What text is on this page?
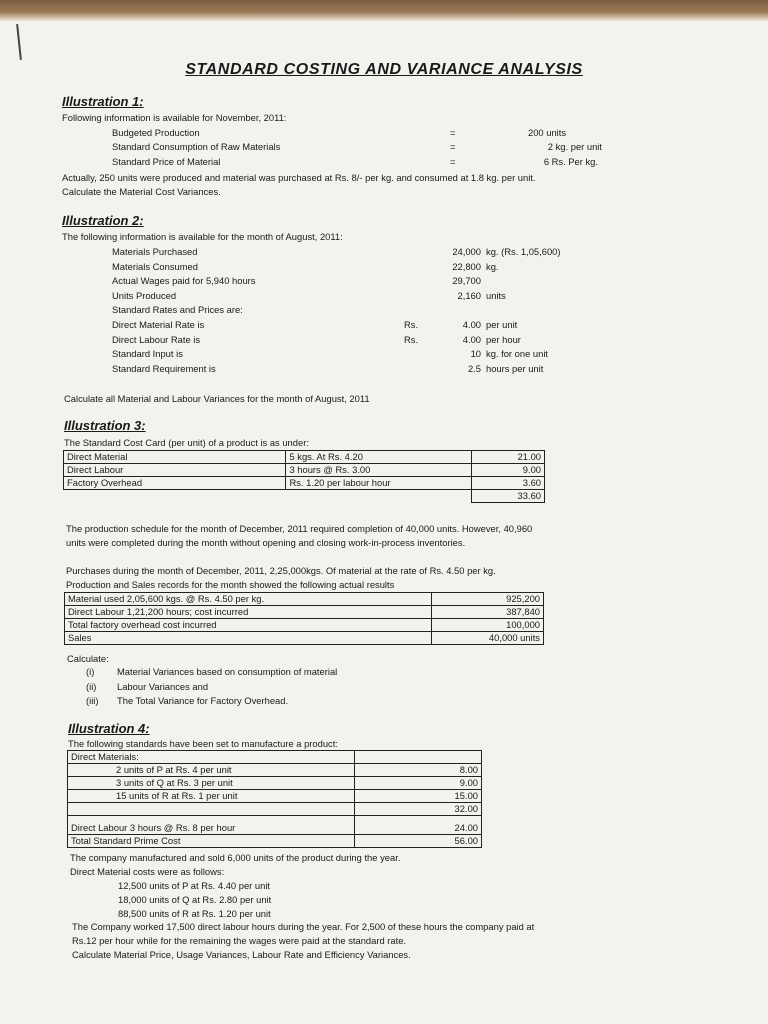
STANDARD COSTING AND VARIANCE ANALYSIS
Illustration 1:
Following information is available for November, 2011:
Budgeted Production	=	200 units
Standard Consumption of Raw Materials	=	2 kg. per unit
Standard Price of Material	=	6 Rs. Per kg.
Actually, 250 units were produced and material was purchased at Rs. 8/- per kg. and consumed at 1.8 kg. per unit.
Calculate the Material Cost Variances.
Illustration 2:
The following information is available for the month of August, 2011:
Materials Purchased	24,000 kg. (Rs. 1,05,600)
Materials Consumed	22,800 kg.
Actual Wages paid for 5,940 hours	29,700
Units Produced	2,160 units
Standard Rates and Prices are:
Direct Material Rate is	Rs.	4.00 per unit
Direct Labour Rate is	Rs.	4.00 per hour
Standard Input is	10 kg. for one unit
Standard Requirement is	2.5 hours per unit
Calculate all Material and Labour Variances for the month of August, 2011
Illustration 3:
The Standard Cost Card (per unit) of a product is as under:
Direct Material	5 kgs. At Rs. 4.20	21.00
Direct Labour	3 hours @ Rs. 3.00	9.00
Factory Overhead	Rs. 1.20 per labour hour	3.60
		33.60
The production schedule for the month of December, 2011 required completion of 40,000 units. However, 40,960
units were completed during the month without opening and closing work-in-process inventories.
Purchases during the month of December, 2011, 2,25,000kgs. Of material at the rate of Rs. 4.50 per kg.
Production and Sales records for the month showed the following actual results
Material used 2,05,600 kgs. @ Rs. 4.50 per kg.	925,200
Direct Labour 1,21,200 hours; cost incurred	387,840
Total factory overhead cost incurred	100,000
Sales	40,000 units
Calculate:
(i) Material Variances based on consumption of material
(ii) Labour Variances and
(iii) The Total Variance for Factory Overhead.
Illustration 4:
The following standards have been set to manufacture a product:
Direct Materials:	
2 units of P at Rs. 4 per unit	8.00
3 units of Q at Rs. 3 per unit	9.00
15 units of R at Rs. 1 per unit	15.00
	32.00
Direct Labour 3 hours @ Rs. 8 per hour	24.00
Total Standard Prime Cost	56.00
The company manufactured and sold 6,000 units of the product during the year.
Direct Material costs were as follows:
12,500 units of P at Rs. 4.40 per unit
18,000 units of Q at Rs. 2.80 per unit
88,500 units of R at Rs. 1.20 per unit
The Company worked 17,500 direct labour hours during the year. For 2,500 of these hours the company paid at
Rs.12 per hour while for the remaining the wages were paid at the standard rate.
Calculate Material Price, Usage Variances, Labour Rate and Efficiency Variances.
